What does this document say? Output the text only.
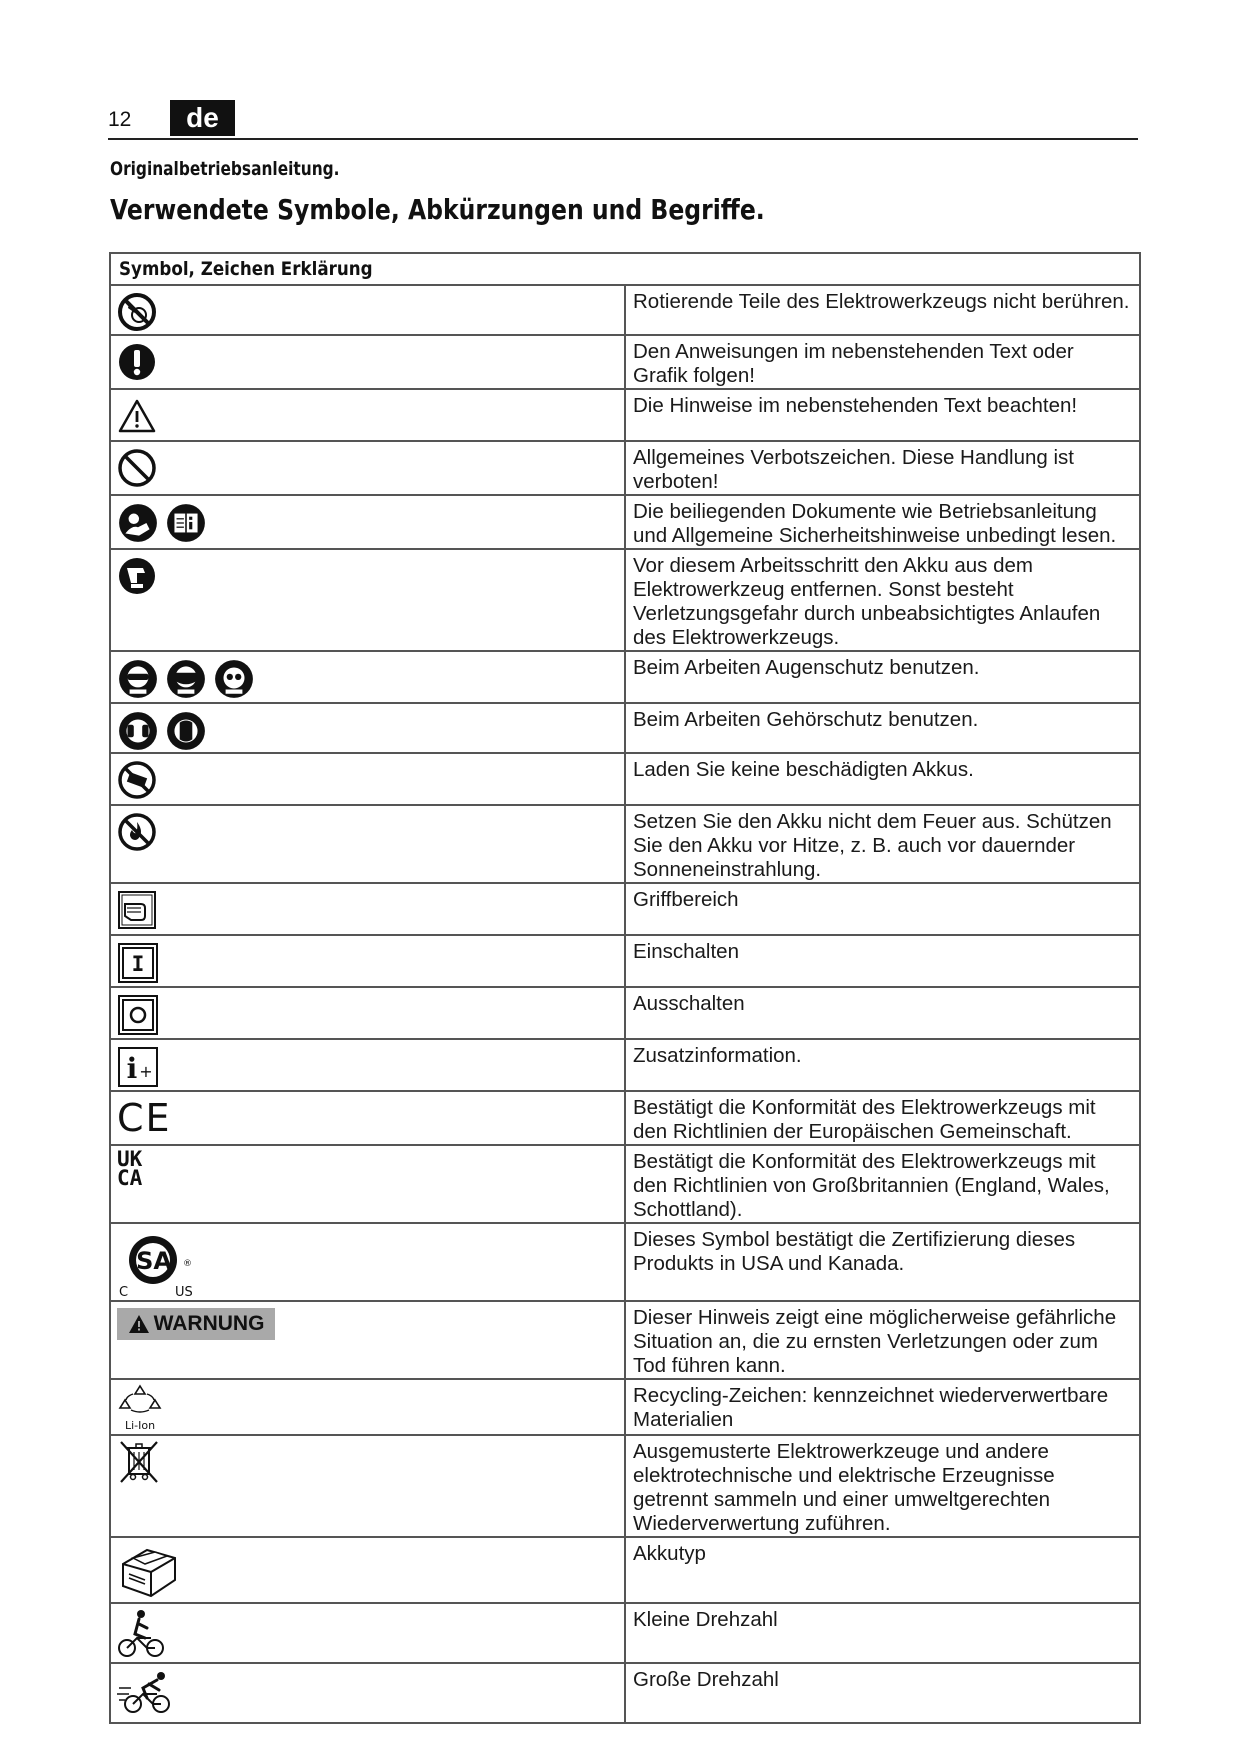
12	de
Originalbetriebsanleitung.
Verwendete Symbole, Abkürzungen und Begriffe.
Symbol, Zeichen Erklärung	

	Rotierende Teile des Elektrowerkzeugs nicht berühren.

	Den Anweisungen im nebenstehenden Text oder Grafik folgen!

	Die Hinweise im nebenstehenden Text beachten!

	Allgemeines Verbotszeichen. Diese Handlung ist verboten!

	Die beiliegenden Dokumente wie Betriebsanleitung und Allgemeine Sicherheitshinweise unbedingt lesen.

	Vor diesem Arbeitsschritt den Akku aus dem Elektrowerkzeug entfernen. Sonst besteht Verletzungsgefahr durch unbeabsichtigtes Anlaufen des Elektrowerkzeugs.

	Beim Arbeiten Augenschutz benutzen.

	Beim Arbeiten Gehörschutz benutzen.

	Laden Sie keine beschädigten Akkus.

	Setzen Sie den Akku nicht dem Feuer aus. Schützen Sie den Akku vor Hitze, z. B. auch vor dauernder Sonneneinstrahlung.

	Griffbereich

I	Einschalten

	Ausschalten

i +	Zusatzinformation.

CE	Bestätigt die Konformität des Elektrowerkzeugs mit den Richtlinien der Europäischen Gemeinschaft.

UK
CA	Bestätigt die Konformität des Elektrowerkzeugs mit den Richtlinien von Großbritannien (England, Wales, Schottland).

SA ®
C US	Dieses Symbol bestätigt die Zertifizierung dieses Produkts in USA und Kanada.

WARNUNG	Dieser Hinweis zeigt eine möglicherweise gefährliche Situation an, die zu ernsten Verletzungen oder zum Tod führen kann.

Li-Ion	Recycling-Zeichen: kennzeichnet wiederverwertbare Materialien

	Ausgemusterte Elektrowerkzeuge und andere elektrotechnische und elektrische Erzeugnisse getrennt sammeln und einer umweltgerechten Wiederverwertung zuführen.

	Akkutyp

	Kleine Drehzahl

	Große Drehzahl
